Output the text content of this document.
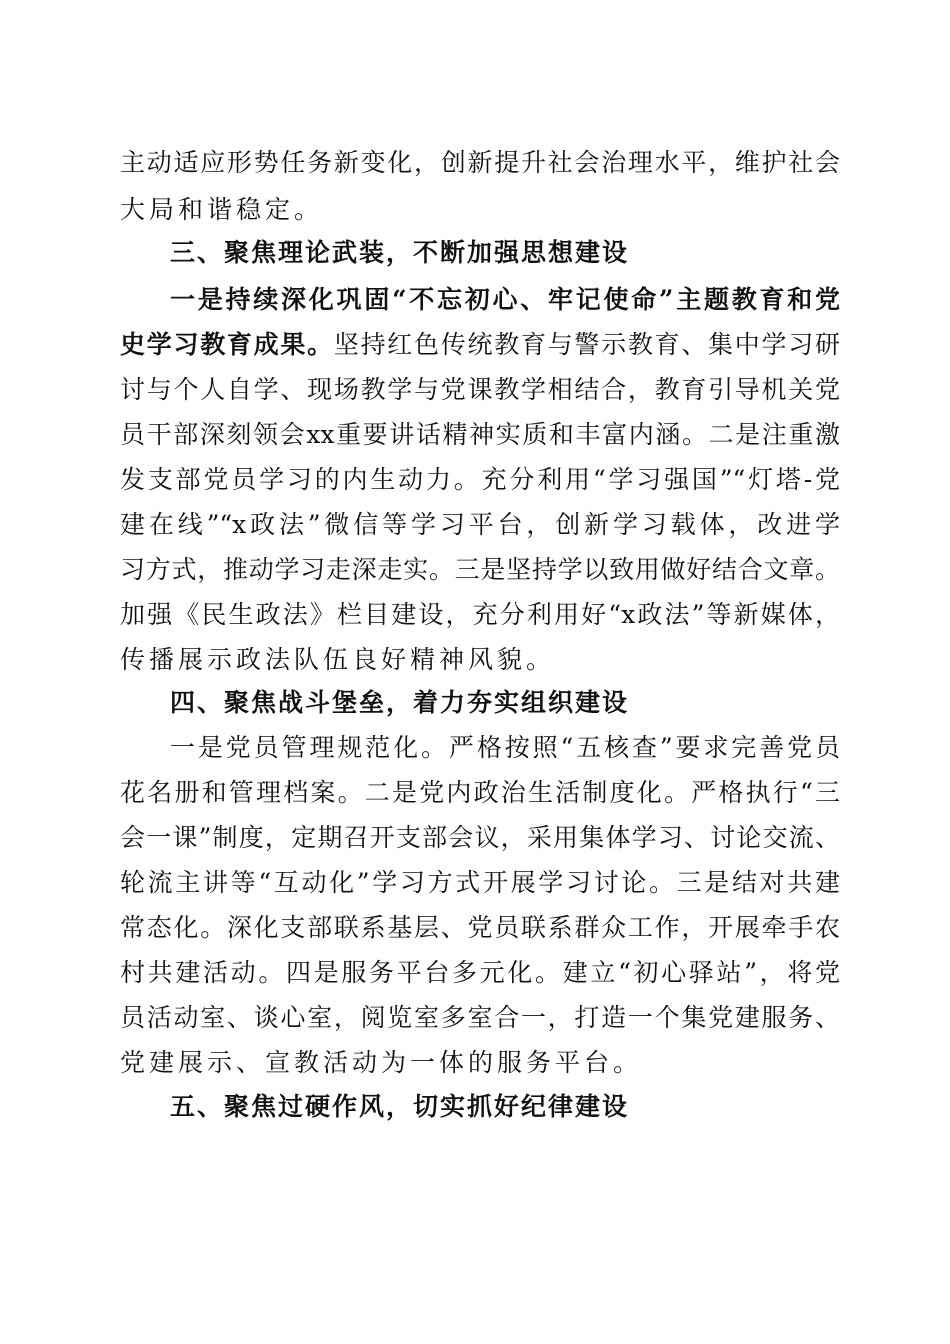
主动适应形势任务新变化，创新提升社会治理水平，维护社会
大局和谐稳定。
三、聚焦理论武装，不断加强思想建设
一是持续深化巩固“不忘初心、牢记使命”主题教育和党
史学习教育成果。坚持红色传统教育与警示教育、集中学习研
讨与个人自学、现场教学与党课教学相结合，教育引导机关党
员干部深刻领会xx重要讲话精神实质和丰富内涵。二是注重激
发支部党员学习的内生动力。充分利用“学习强国”“灯塔-党
建在线”“x政法”微信等学习平台，创新学习载体，改进学
习方式，推动学习走深走实。三是坚持学以致用做好结合文章。
加强《民生政法》栏目建设，充分利用好“x政法”等新媒体，
传播展示政法队伍良好精神风貌。
四、聚焦战斗堡垒，着力夯实组织建设
一是党员管理规范化。严格按照“五核查”要求完善党员
花名册和管理档案。二是党内政治生活制度化。严格执行“三
会一课”制度，定期召开支部会议，采用集体学习、讨论交流、
轮流主讲等“互动化”学习方式开展学习讨论。三是结对共建
常态化。深化支部联系基层、党员联系群众工作，开展牵手农
村共建活动。四是服务平台多元化。建立“初心驿站”，将党
员活动室、谈心室，阅览室多室合一，打造一个集党建服务、
党建展示、宣教活动为一体的服务平台。
五、聚焦过硬作风，切实抓好纪律建设
